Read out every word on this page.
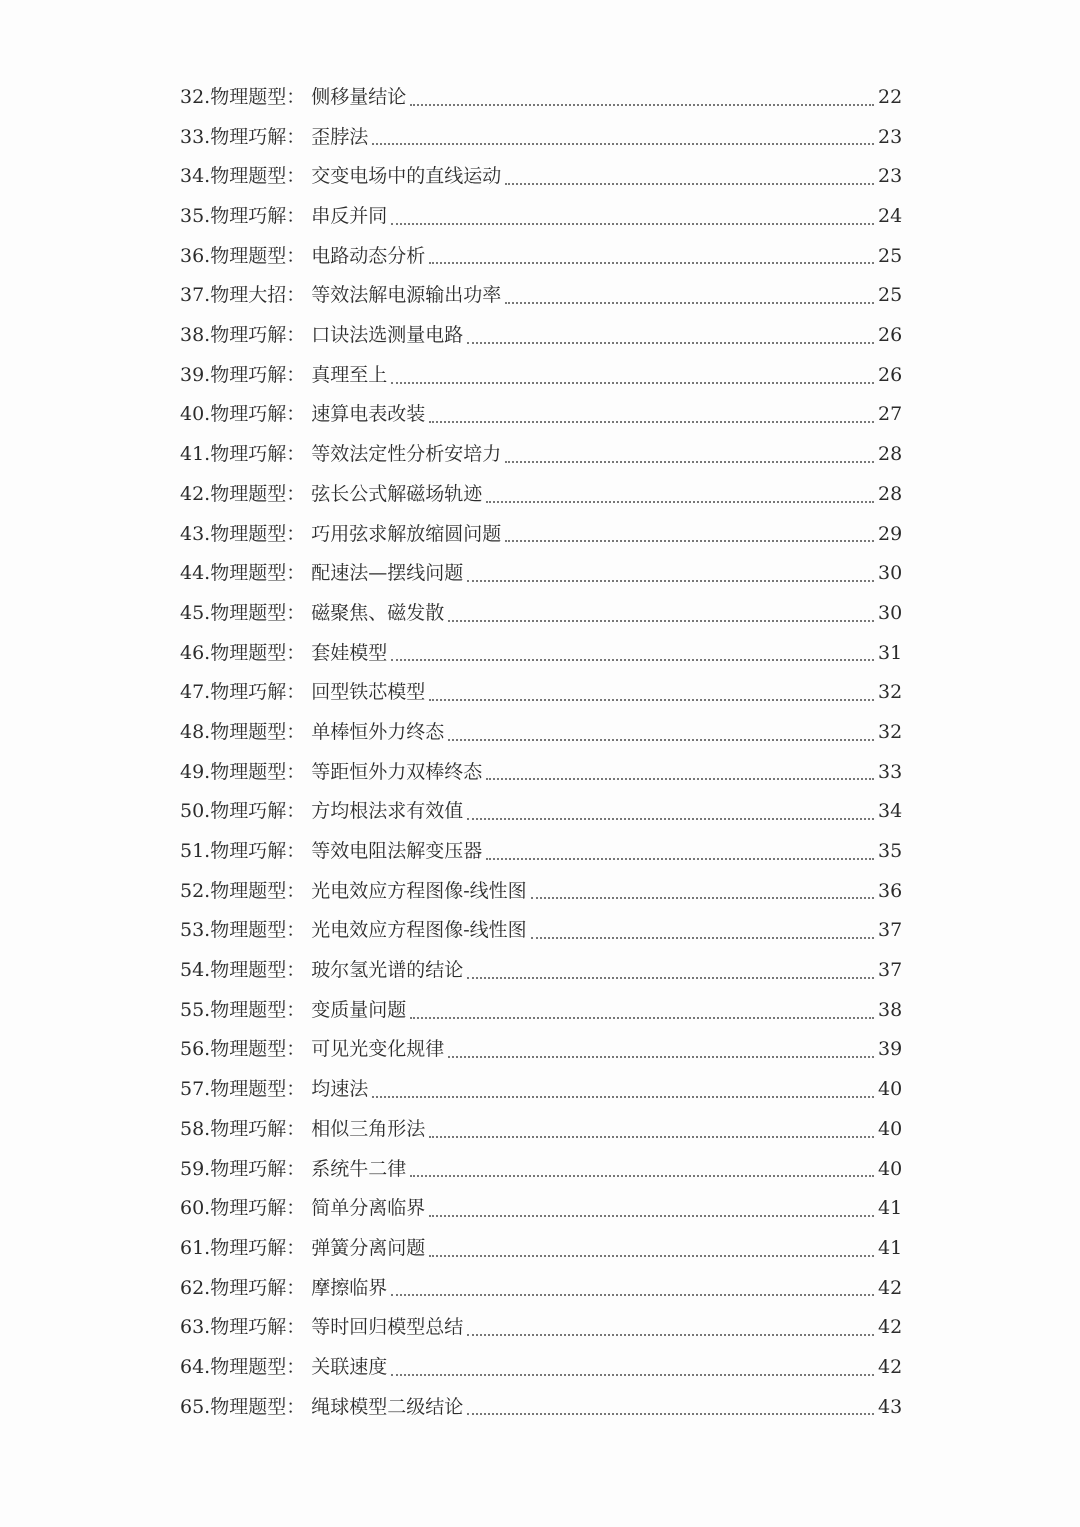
32. 物理题型 ： 侧移量结论	22
33. 物理巧解 ： 歪脖法	23
34. 物理题型 ： 交变电场中的直线运动	23
35. 物理巧解 ： 串反并同	24
36. 物理题型 ： 电路动态分析	25
37. 物理大招 ： 等效法解电源输出功率	25
38. 物理巧解 ： 口诀法选测量电路	26
39. 物理巧解 ： 真理至上	26
40. 物理巧解 ： 速算电表改装	27
41. 物理巧解 ： 等效法定性分析安培力	28
42. 物理题型 ： 弦长公式解磁场轨迹	28
43. 物理题型 ： 巧用弦求解放缩圆问题	29
44. 物理题型 ： 配速法—摆线问题	30
45. 物理题型 ： 磁聚焦、磁发散	30
46. 物理题型 ： 套娃模型	31
47. 物理巧解 ： 回型铁芯模型	32
48. 物理题型 ： 单棒恒外力终态	32
49. 物理题型 ： 等距恒外力双棒终态	33
50. 物理巧解 ： 方均根法求有效值	34
51. 物理巧解 ： 等效电阻法解变压器	35
52. 物理题型 ： 光电效应方程图像-线性图	36
53. 物理题型 ： 光电效应方程图像-线性图	37
54. 物理题型 ： 玻尔氢光谱的结论	37
55. 物理题型 ： 变质量问题	38
56. 物理题型 ： 可见光变化规律	39
57. 物理题型 ： 均速法	40
58. 物理巧解 ： 相似三角形法	40
59. 物理巧解 ： 系统牛二律	40
60. 物理巧解 ： 简单分离临界	41
61. 物理巧解 ： 弹簧分离问题	41
62. 物理巧解 ： 摩擦临界	42
63. 物理巧解 ： 等时回归模型总结	42
64. 物理题型 ： 关联速度	42
65. 物理题型 ： 绳球模型二级结论	43
